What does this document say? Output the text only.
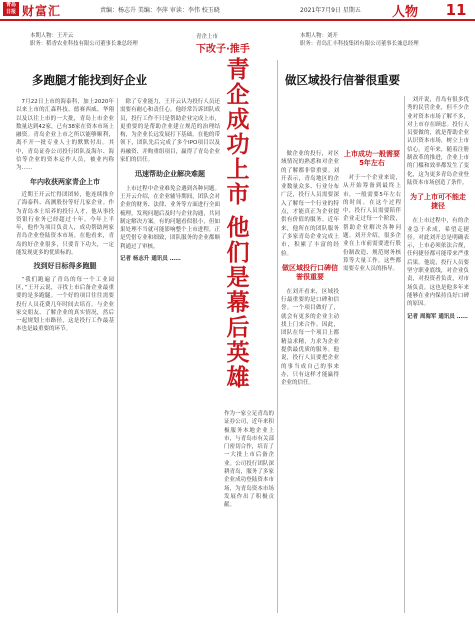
青岛
日报 财富汇	责编：杨志升 美编：李萍 审读：李伟 校玉晓	2021年7月9日 星期五 人物 11
本期人物：王开云
职务：稻香农业科技有限公司董事长兼总经理
青企上市
下改子·推手
本期人物：刘开
职务：青岛汇丰科技集团有限公司董事长兼总经理
多跑腿才能找到好企业	做区域投行信誉很重要
青
企
成
功
上
市
他
们
是
幕
后
英
雄

7月22日上市的海泰科，加上2020年以来上市的汇森科技、德赛西威、华翔以及以往上市的一大批，青岛上市企业数量达到42家，已有38家在资本市场上融资。青岛企业上市之所以能够顺利，离不开一批专业人士的默默付出。其中，青岛证券公司投行团队及海尔、海信等企业的资本运作人员，被业内称为……

年内收获两家青企上市

近期王开云忙得团团转，他连续推介了海泰科、高测股份等好几家企业。作为青岛本土培养的投行人才，他从事投资银行业务已经超过十年。今年上半年，他作为项目负责人，成功帮助两家青岛企业登陆资本市场。在他看来，青岛的好企业很多，只要肯下功夫，一定能发现更多的优质标的。

找到好目标得多跑腿

“我们跑遍了青岛的每一个工业园区，”王开云说，寻找上市后备企业最重要的是多跑腿。一个好的项目往往需要投行人员花费几年时间去培育。与企业家交朋友、了解企业的真实情况，然后一起规划上市路径，这是投行工作最基本也是最重要的环节。

除了专业能力，王开云认为投行人员还需要有耐心和责任心。他经常告诉团队成员，投行工作不只是帮助企业完成上市，更重要的是帮助企业建立规范的治理结构，为企业长远发展打下基础。在他的带领下，团队先后完成了多个IPO项目以及再融资、并购重组项目，赢得了青岛企业家们的信任。

迅速帮助企业解决难题

上市过程中企业难免会遇到各种问题。王开云介绍，在企业辅导期间，团队会对企业的财务、法律、业务等方面进行全面梳理，发现问题后及时与企业沟通，共同制定解决方案。有的问题看似很小，但如果处理不当就可能影响整个上市进程。正是凭借专业和细致，团队服务的企业都顺利通过了审核。

记者 杨志升 通讯员 ……
作为一家立足青岛的证券公司，近年来积极服务本地企业上市，与青岛市有关部门密切合作，培育了一大批上市后备企业。公司投行团队深耕青岛，服务了多家企业成功登陆资本市场，为青岛资本市场发展作出了积极贡献。

做企业的投行，对区域情况的熟悉和对企业的了解都非常重要。刘开表示，青岛地区的企业数量众多、行业分布广泛，投行人员需要深入了解每一个行业的特点，才能真正为企业提供有价值的服务。近年来，他所在的团队服务了多家青岛企业完成上市，积累了丰富的经验。

做区域投行口碑信誉很重要

在刘开看来，区域投行最重要的是口碑和信誉。一个项目做好了，就会有更多的企业主动找上门来合作。因此，团队在每一个项目上都精益求精，力求为企业提供最优质的服务。他说，投行人员要把企业的事当成自己的事来办，只有这样才能赢得企业的信任。

上市成功一般需要5年左右

对于一个企业来说，从开始筹备到最终上市，一般需要5年左右的时间。在这个过程中，投行人员需要陪伴企业走过每一个阶段，帮助企业解决各种问题。刘开介绍，很多企业在上市前需要进行股份制改造、规范财务核算等大量工作，这些都需要专业人员的指导。

刘开说，青岛有很多优秀的民营企业，但不少企业对资本市场了解不多，对上市存在顾虑。投行人员要做的，就是帮助企业认识资本市场，树立上市信心。近年来，随着注册制改革的推进，企业上市的门槛和效率都发生了变化，这为更多青岛企业登陆资本市场创造了条件。

为了上市可不能走捷径

在上市过程中，有的企业急于求成，希望走捷径。对此刘开总是明确表示，上市必须依法合规，任何捷径都可能带来严重后果。他说，投行人员要坚守职业底线，对企业负责，对投资者负责，对市场负责。这也是他多年来能够在业内保持良好口碑的原因。

记者 周海军 通讯员 ……
